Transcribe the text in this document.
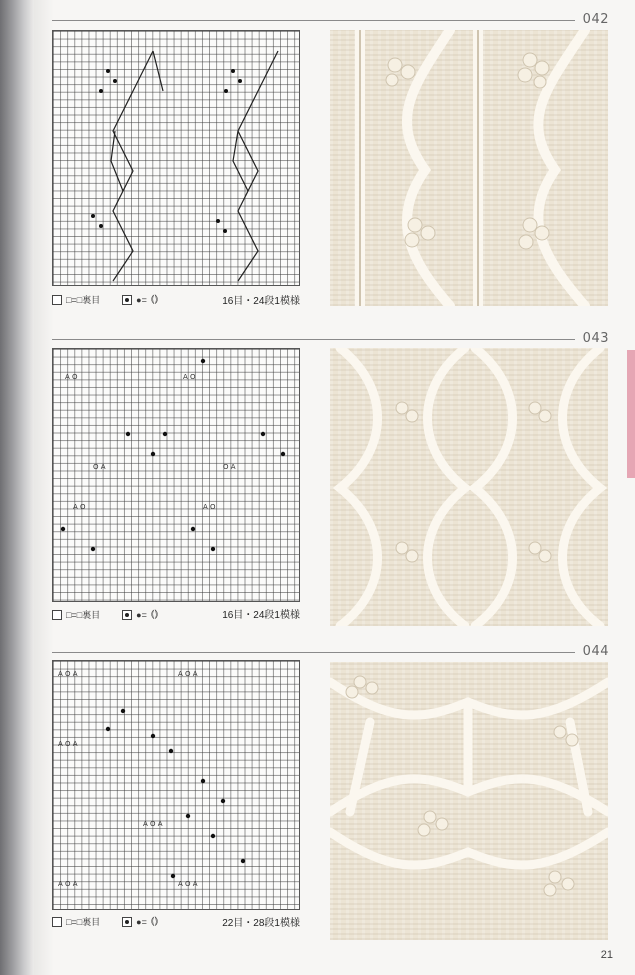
042
□=□裏目	●= ⦅⦆	16目・24段1模様
043
A O	A O
O A	O A
A O	A O
□=□裏目	●= ⦅⦆	16目・24段1模様
044
A O A	A O A
A O A
A O A
A O A	A O A
□=□裏目	●= ⦅⦆	22目・28段1模様
21
